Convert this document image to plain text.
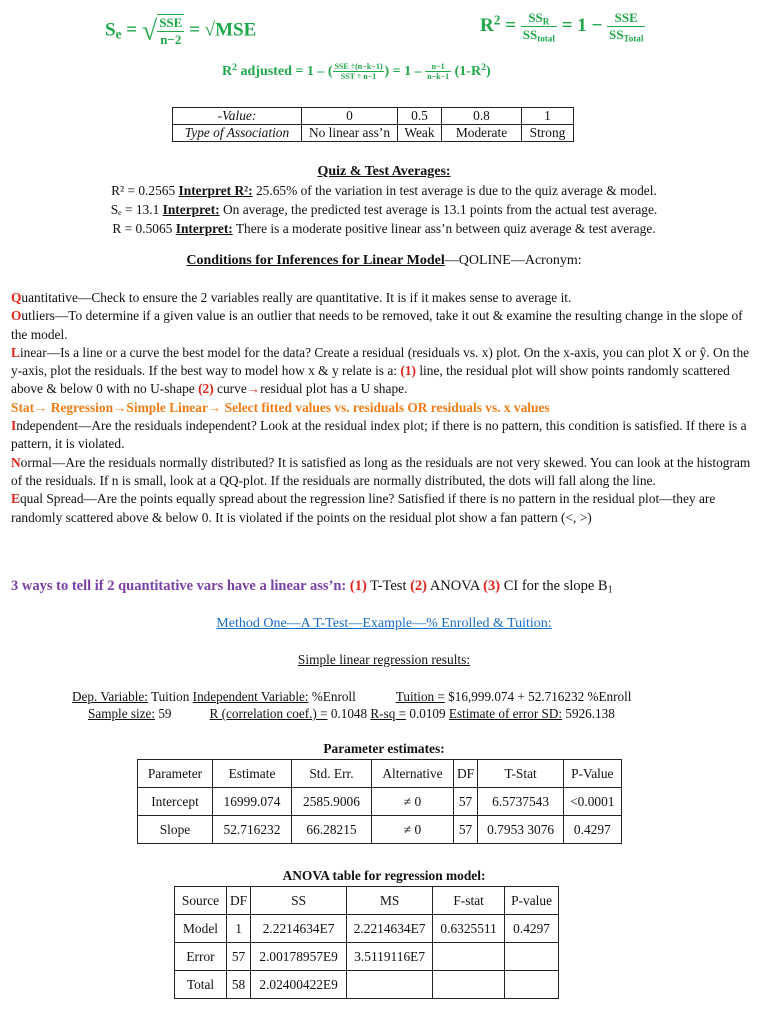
$S_e$ = √ $\frac{\text{SSE}}{n-2} = √MSE$	$R^2 = \frac{SS_R}{SS_{total}} = 1 - \frac{\text{SSE}}{SS_{Total}}$
$R^2$ adjusted = 1 – ( $\frac{\text{SSE ÷(n−k−1)}}{\text{SST ÷ n−1}}$ ) = $1 - \frac{n-1}{n-k-1} (1-R^2)$
-Value:	0	0.5	0.8	1
Type of Association	No linear ass’n	Weak	Moderate	Strong
Quiz & Test Averages:
R² = 0.2565 Interpret R²: 25.65% of the variation in test average is due to the quiz average & model.
Sₑ = 13.1 Interpret: On average, the predicted test average is 13.1 points from the actual test average.
R = 0.5065 Interpret: There is a moderate positive linear ass’n between quiz average & test average.
Conditions for Inferences for Linear Model—QOLINE—Acronym:

Quantitative—Check to ensure the 2 variables really are quantitative. It is if it makes sense to average it.

Outliers—To determine if a given value is an outlier that needs to be removed, take it out & examine the resulting change in the slope of the model.

Linear—Is a line or a curve the best model for the data? Create a residual (residuals vs. x) plot. On the x-axis, you can plot X or ŷ. On the y-axis, plot the residuals. If the best way to model how x & y relate is a: (1) line, the residual plot will show points randomly scattered above & below 0 with no U-shape (2) curve→residual plot has a U shape.

Stat→ Regression→Simple Linear→ Select fitted values vs. residuals OR residuals vs. x values

Independent—Are the residuals independent? Look at the residual index plot; if there is no pattern, this condition is satisfied. If there is a pattern, it is violated.

Normal—Are the residuals normally distributed? It is satisfied as long as the residuals are not very skewed. You can look at the histogram of the residuals. If n is small, look at a QQ-plot. If the residuals are normally distributed, the dots will fall along the line.

Equal Spread—Are the points equally spread about the regression line? Satisfied if there is no pattern in the residual plot—they are randomly scattered above & below 0. It is violated if the points on the residual plot show a fan pattern (<, >)

3 ways to tell if 2 quantitative vars have a linear ass’n: (1) T-Test (2) ANOVA (3) CI for the slope $B_1$
Method One—A T-Test—Example—% Enrolled & Tuition:
Simple linear regression results:
Dep. Variable: Tuition Independent Variable: %Enroll	Tuition = $16,999.074 + 52.716232 %Enroll
Sample size: 59	R (correlation coef.) = 0.1048 R-sq = 0.0109 Estimate of error SD: 5926.138
Parameter estimates:
Parameter	Estimate	Std. Err.	Alternative	DF	T-Stat	P-Value
Intercept	16999.074	2585.9006	≠ 0	57	6.5737543	<0.0001
Slope	52.716232	66.28215	≠ 0	57	0.7953 3076	0.4297
ANOVA table for regression model:
Source	DF	SS	MS	F-stat	P-value
Model	1	2.2214634E7	2.2214634E7	0.6325511	0.4297
Error	57	2.00178957E9	3.5119116E7		
Total	58	2.02400422E9			
